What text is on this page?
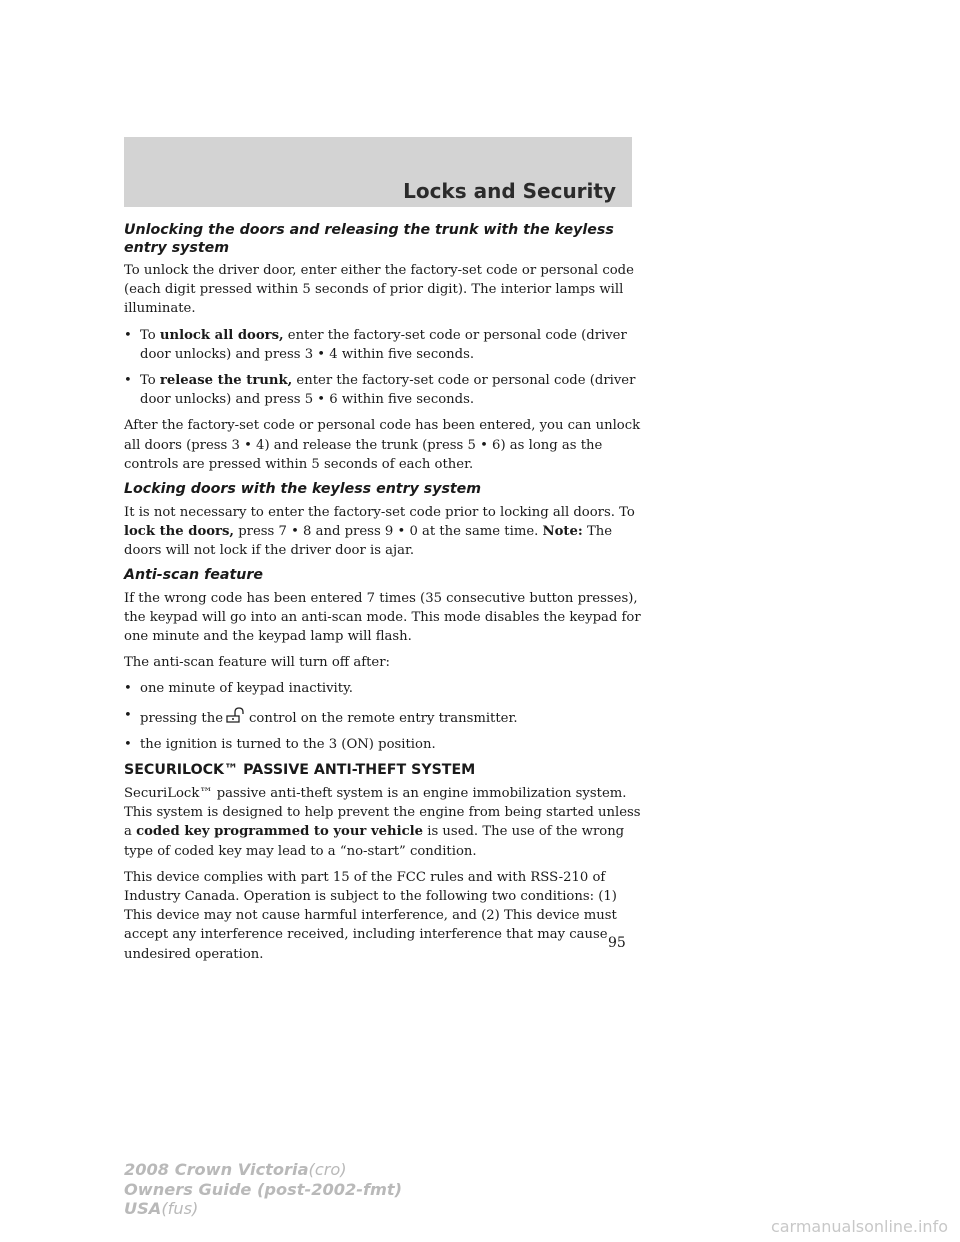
Locks and Security
Unlocking the doors and releasing the trunk with the keyless entry system

To unlock the driver door, enter either the factory-set code or personal code (each digit pressed within 5 seconds of prior digit). The interior lamps will illuminate.

• To unlock all doors, enter the factory-set code or personal code (driver door unlocks) and press 3 • 4 within five seconds.
• To release the trunk, enter the factory-set code or personal code (driver door unlocks) and press 5 • 6 within five seconds.

After the factory-set code or personal code has been entered, you can unlock all doors (press 3 • 4) and release the trunk (press 5 • 6) as long as the controls are pressed within 5 seconds of each other.

Locking doors with the keyless entry system

It is not necessary to enter the factory-set code prior to locking all doors. To lock the doors, press 7 • 8 and press 9 • 0 at the same time. Note: The doors will not lock if the driver door is ajar.

Anti-scan feature

If the wrong code has been entered 7 times (35 consecutive button presses), the keypad will go into an anti-scan mode. This mode disables the keypad for one minute and the keypad lamp will flash.

The anti-scan feature will turn off after:

• one minute of keypad inactivity.
• pressing the control on the remote entry transmitter.
• the ignition is turned to the 3 (ON) position.
SECURILOCK™ PASSIVE ANTI-THEFT SYSTEM

SecuriLock™ passive anti-theft system is an engine immobilization system. This system is designed to help prevent the engine from being started unless a coded key programmed to your vehicle is used. The use of the wrong type of coded key may lead to a “no-start” condition.

This device complies with part 15 of the FCC rules and with RSS-210 of Industry Canada. Operation is subject to the following two conditions: (1) This device may not cause harmful interference, and (2) This device must accept any interference received, including interference that may cause undesired operation.

95
2008 Crown Victoria(cro)
Owners Guide (post-2002-fmt)
USA(fus)
carmanualsonline.info
